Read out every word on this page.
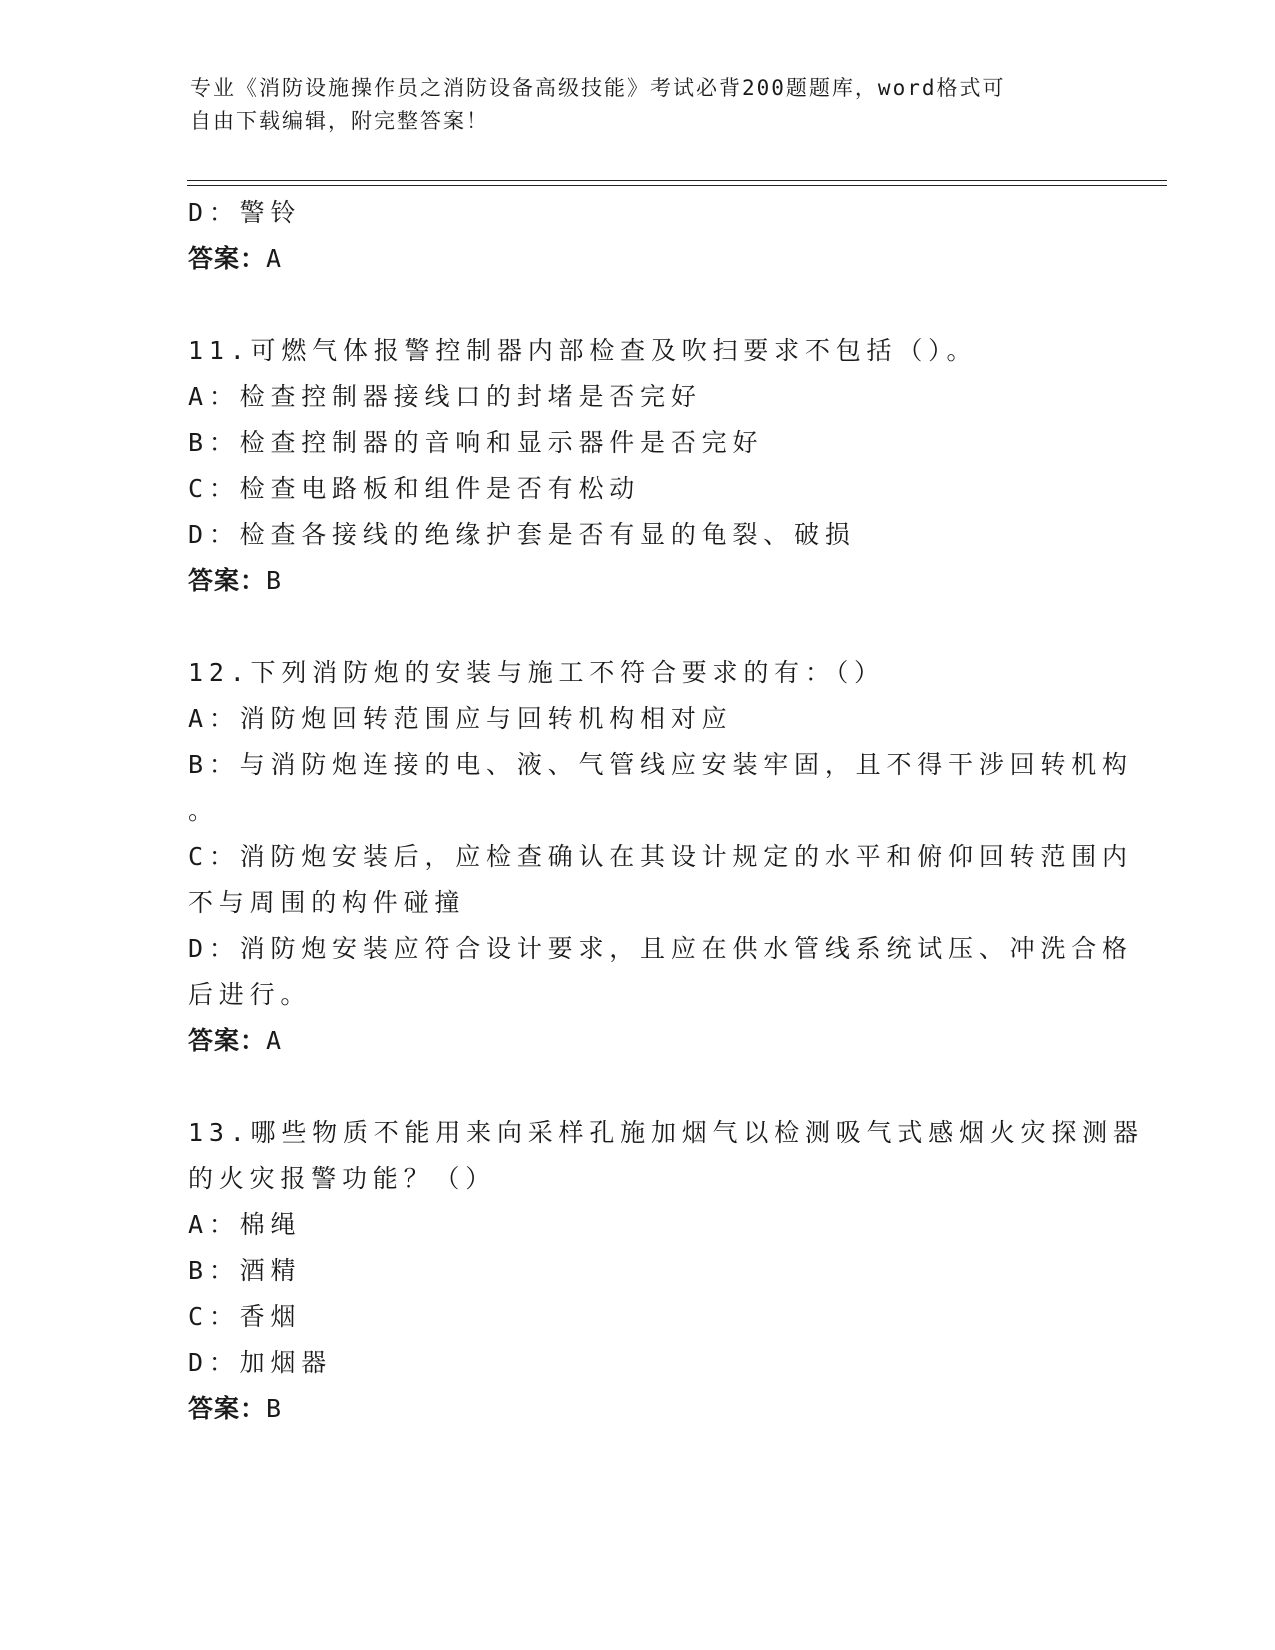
专业《消防设施操作员之消防设备高级技能》考试必背200题题库，word格式可
自由下载编辑，附完整答案！
D：警铃
答案：A
11.可燃气体报警控制器内部检查及吹扫要求不包括（）。
A：检查控制器接线口的封堵是否完好
B：检查控制器的音响和显示器件是否完好
C：检查电路板和组件是否有松动
D：检查各接线的绝缘护套是否有显的龟裂、破损
答案：B
12.下列消防炮的安装与施工不符合要求的有：（）
A：消防炮回转范围应与回转机构相对应
B：与消防炮连接的电、液、气管线应安装牢固，且不得干涉回转机构
。
C：消防炮安装后，应检查确认在其设计规定的水平和俯仰回转范围内
不与周围的构件碰撞
D：消防炮安装应符合设计要求，且应在供水管线系统试压、冲洗合格
后进行。
答案：A
13.哪些物质不能用来向采样孔施加烟气以检测吸气式感烟火灾探测器
的火灾报警功能？（）
A：棉绳
B：酒精
C：香烟
D：加烟器
答案：B
